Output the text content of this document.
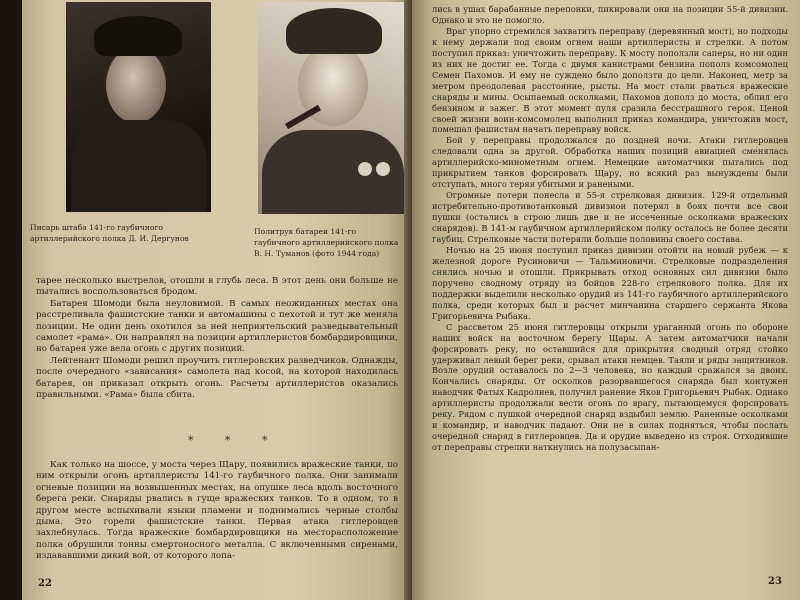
Писарь штаба 141-го гаубичного артиллерийского полка Д. И. Дергунов
Политрук батареи 141-го гаубичного артиллерийского полка В. Н. Туманов (фото 1944 года)

тарее несколько выстрелов, отошли в глубь леса. В этот день они больше не пытались воспользоваться бродом.

Батарея Шомоди была неуловимой. В самых неожиданных местах она расстреливала фашистские танки и автомашины с пехотой и тут же меняла позиции. Не один день охотился за ней неприятельский разведывательный самолет «рама». Он направлял на позиции артиллеристов бомбардировщики, но батарея уже вела огонь с других позиций.

Лейтенант Шомоди решил проучить гитлеровских разведчиков. Однажды, после очередного «зависания» самолета над косой, на которой находилась батарея, он приказал открыть огонь. Расчеты артиллеристов оказались правильными. «Рама» была сбита.

* * *

Как только на шоссе, у моста через Щару, появились вражеские танки, по ним открыли огонь артиллеристы 141-го гаубичного полка. Они занимали огневые позиции на возвышенных местах, на опушке леса вдоль восточного берега реки. Снаряды рвались в гуще вражеских танков. То в одном, то в другом месте вспыхивали языки пламени и поднимались черные столбы дыма. Это горели фашистские танки. Первая атака гитлеровцев захлебнулась. Тогда вражеские бомбардировщики на месторасположение полка обрушили тонны смертоносного металла. С включенными сиренами, издававшими дикий вой, от которого лопа-

22

лись в ушах барабанные перепонки, пикировали они на позиции 55-й дивизии. Однако и это не помогло.

Враг упорно стремился захватить переправу (деревянный мост), но подходы к нему держали под своим огнем наши артиллеристы и стрелки. А потом поступил приказ: уничтожить переправу. К мосту поползли саперы, но ни один из них не достиг ее. Тогда с двумя канистрами бензина пополз комсомолец Семен Пахомов. И ему не суждено было доползти до цели. Наконец, метр за метром преодолевая расстояние, рысты. На мост стали рваться вражеские снаряды и мины. Осыпаемый осколками, Пахомов дополз до моста, облил его бензином и зажег. В этот момент пуля сразила бесстрашного героя. Ценой своей жизни воин-комсомолец выполнил приказ командира, уничтожив мост, помешал фашистам начать переправу войск.

Бой у переправы продолжался до поздней ночи. Атаки гитлеровцев следовали одна за другой. Обработка наших позиций авиацией сменялась артиллерийско-минометным огнем. Немецкие автоматчики пытались под прикрытием танков форсировать Щару, но всякий раз вынуждены были отступать, много теряя убитыми и ранеными.

Огромные потери понесла и 55-я стрелковая дивизия. 129-й отдельный истребительно-противотанковый дивизион потерял в боях почти все свои пушки (остались в строю лишь две и не иссеченные осколками вражеских снарядов). В 141-м гаубичном артиллерийском полку осталось не более десяти гаубиц. Стрелковые части потеряли больше половины своего состава.

Ночью на 25 июня поступил приказ дивизии отойти на новый рубеж — к железной дороге Русиновичи — Тальминовичи. Стрелковые подразделения снялись ночью и отошли. Прикрывать отход основных сил дивизии было поручено сводному отряду из бойцов 228-го стрелкового полка. Для их поддержки выделили несколько орудий из 141-го гаубичного артиллерийского полка, среди которых был и расчет минчанина старшего сержанта Якова Григорьевича Рыбака.

С рассветом 25 июня гитлеровцы открыли ураганный огонь по обороне наших войск на восточном берегу Щары. А затем автоматчики начали форсировать реку, но оставшийся для прикрытия сводный отряд стойко удерживал левый берег реки, срывал атаки немцев. Таяли и ряды защитников. Возле орудий оставалось по 2—3 человека, но каждый сражался за двоих. Кончались снаряды. От осколков разорвавшегося снаряда был контужен наводчик Фатых Кадролиев, получил ранение Яков Григорьевич Рыбак. Однако артиллеристы продолжали вести огонь по врагу, пытающемуся форсировать реку. Рядом с пушкой очередной снаряд вздыбил землю. Раненные осколками и командир, и наводчик падают. Они не в силах подняться, чтобы послать очередной снаряд в гитлеровцев. Да и орудие выведено из строя. Отходившие от переправы стрелки наткнулись на полузасыпан-

23
